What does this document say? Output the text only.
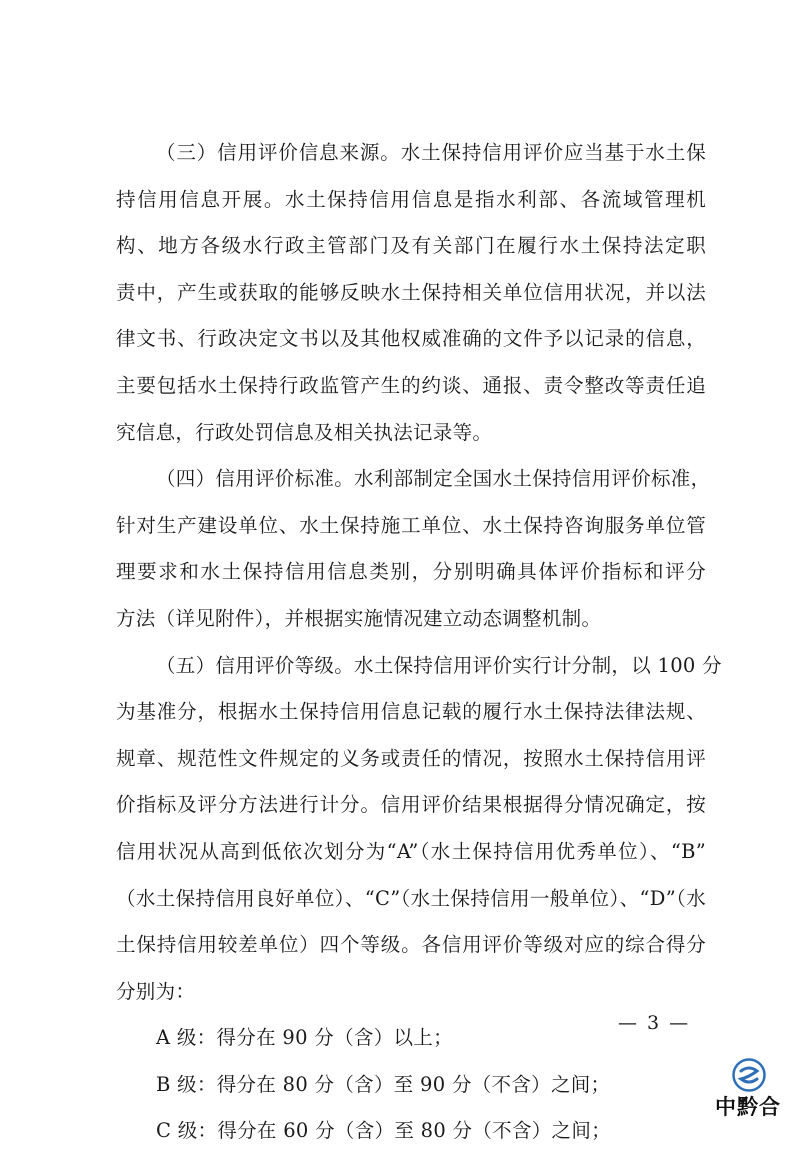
（三）信用评价信息来源。水土保持信用评价应当基于水土保
持信用信息开展。水土保持信用信息是指水利部、各流域管理机
构、地方各级水行政主管部门及有关部门在履行水土保持法定职
责中，产生或获取的能够反映水土保持相关单位信用状况，并以法
律文书、行政决定文书以及其他权威准确的文件予以记录的信息，
主要包括水土保持行政监管产生的约谈、通报、责令整改等责任追
究信息，行政处罚信息及相关执法记录等。
（四）信用评价标准。水利部制定全国水土保持信用评价标准，
针对生产建设单位、水土保持施工单位、水土保持咨询服务单位管
理要求和水土保持信用信息类别，分别明确具体评价指标和评分
方法（详见附件），并根据实施情况建立动态调整机制。
（五）信用评价等级。水土保持信用评价实行计分制，以 100 分
为基准分，根据水土保持信用信息记载的履行水土保持法律法规、
规章、规范性文件规定的义务或责任的情况，按照水土保持信用评
价指标及评分方法进行计分。信用评价结果根据得分情况确定，按
信用状况从高到低依次划分为“A”（水土保持信用优秀单位）、“B”
（水土保持信用良好单位）、“C”（水土保持信用一般单位）、“D”（水
土保持信用较差单位）四个等级。各信用评价等级对应的综合得分
分别为：
A 级：得分在 90 分（含）以上；
B 级：得分在 80 分（含）至 90 分（不含）之间；
C 级：得分在 60 分（含）至 80 分（不含）之间；
— 3 —
中黔合
